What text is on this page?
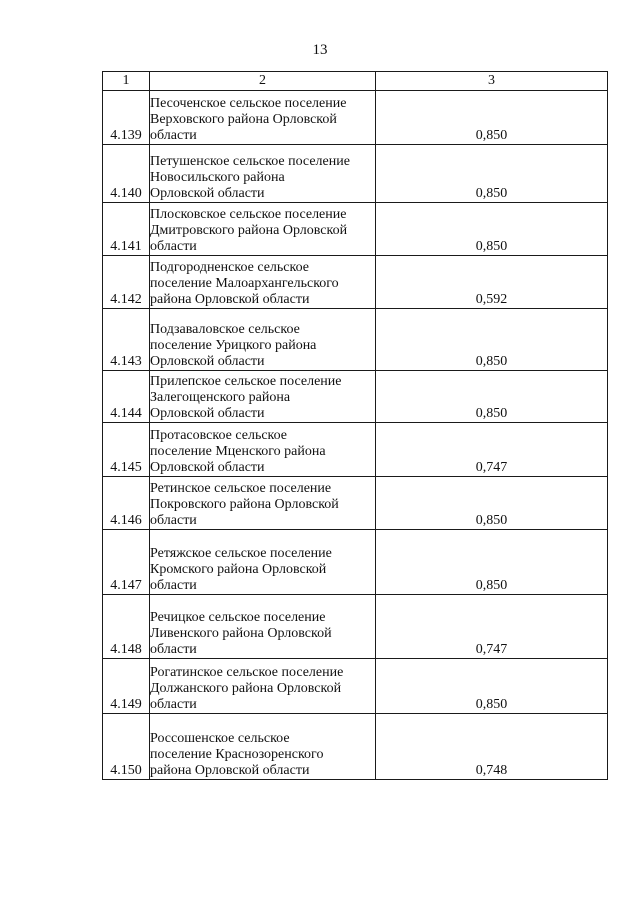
13
1	2	3
4.139	Песоченское сельское поселение
Верховского района Орловской
области	0,850
4.140	Петушенское сельское поселение
Новосильского района
Орловской области	0,850
4.141	Плосковское сельское поселение
Дмитровского района Орловской
области	0,850
4.142	Подгородненское сельское
поселение Малоархангельского
района Орловской области	0,592
4.143	Подзаваловское сельское
поселение Урицкого района
Орловской области	0,850
4.144	Прилепское сельское поселение
Залегощенского района
Орловской области	0,850
4.145	Протасовское сельское
поселение Мценского района
Орловской области	0,747
4.146	Ретинское сельское поселение
Покровского района Орловской
области	0,850
4.147	Ретяжское сельское поселение
Кромского района Орловской
области	0,850
4.148	Речицкое сельское поселение
Ливенского района Орловской
области	0,747
4.149	Рогатинское сельское поселение
Должанского района Орловской
области	0,850
4.150	Россошенское сельское
поселение Краснозоренского
района Орловской области	0,748
